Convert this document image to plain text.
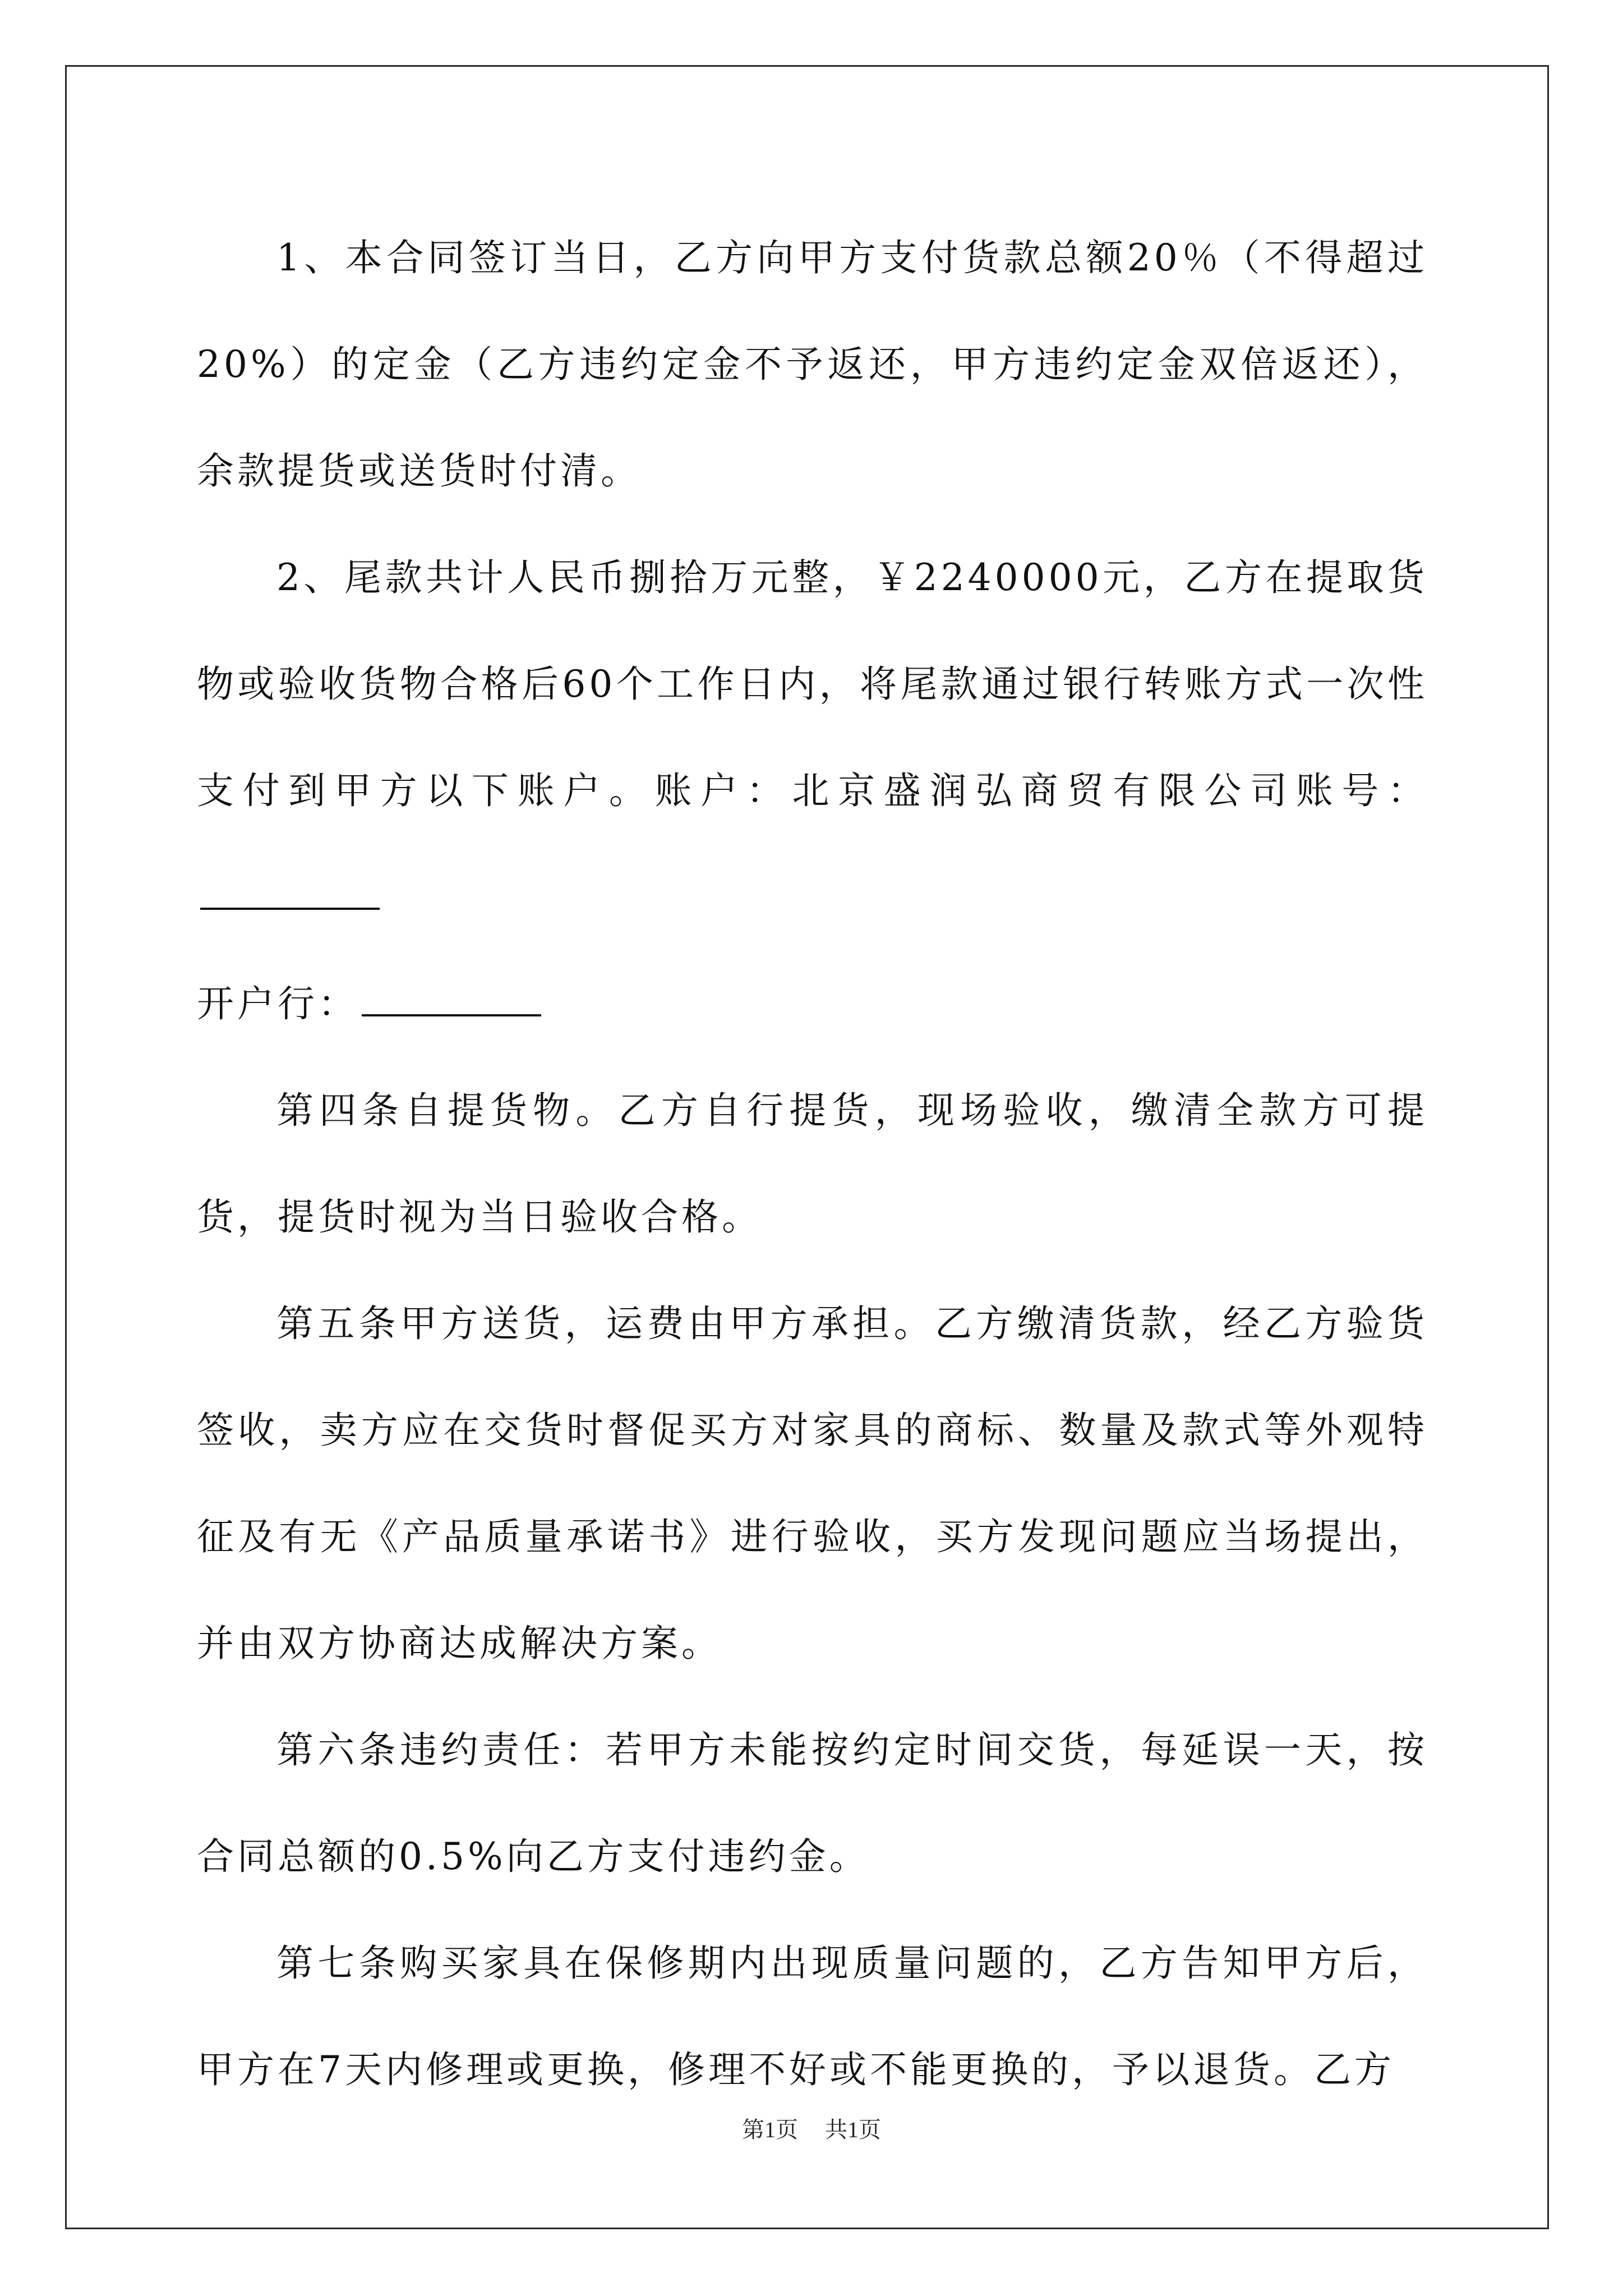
1、本合同签订当日，乙方向甲方支付货款总额20％（不得超过20%）的定金（乙方违约定金不予返还，甲方违约定金双倍返还），余款提货或送货时付清。

2、尾款共计人民币捌拾万元整，￥2240000元，乙方在提取货物或验收货物合格后60个工作日内，将尾款通过银行转账方式一次性支付到甲方以下账户。账户：北京盛润弘商贸有限公司账号：
开户行：

第四条自提货物。乙方自行提货，现场验收，缴清全款方可提货，提货时视为当日验收合格。

第五条甲方送货，运费由甲方承担。乙方缴清货款，经乙方验货签收，卖方应在交货时督促买方对家具的商标、数量及款式等外观特征及有无《产品质量承诺书》进行验收，买方发现问题应当场提出，并由双方协商达成解决方案。

第六条违约责任：若甲方未能按约定时间交货，每延误一天，按合同总额的0.5%向乙方支付违约金。

第七条购买家具在保修期内出现质量问题的，乙方告知甲方后，甲方在7天内修理或更换，修理不好或不能更换的，予以退货。乙方

第1页 共1页
